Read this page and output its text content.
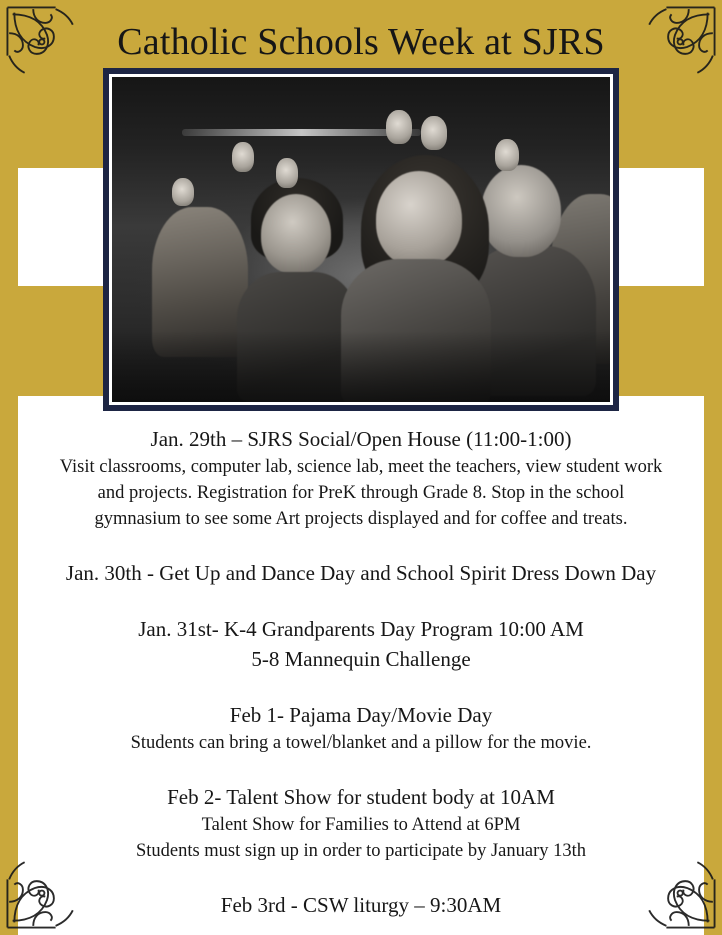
Catholic Schools Week at SJRS
Jan. 29th – SJRS Social/Open House (11:00-1:00)
Visit classrooms, computer lab, science lab, meet the teachers, view student work
and projects. Registration for PreK through Grade 8. Stop in the school
gymnasium to see some Art projects displayed and for coffee and treats.
Jan. 30th - Get Up and Dance Day and School Spirit Dress Down Day
Jan. 31st- K-4 Grandparents Day Program 10:00 AM
5-8 Mannequin Challenge
Feb 1- Pajama Day/Movie Day
Students can bring a towel/blanket and a pillow for the movie.
Feb 2- Talent Show for student body at 10AM
Talent Show for Families to Attend at 6PM
Students must sign up in order to participate by January 13th
Feb 3rd - CSW liturgy – 9:30AM
